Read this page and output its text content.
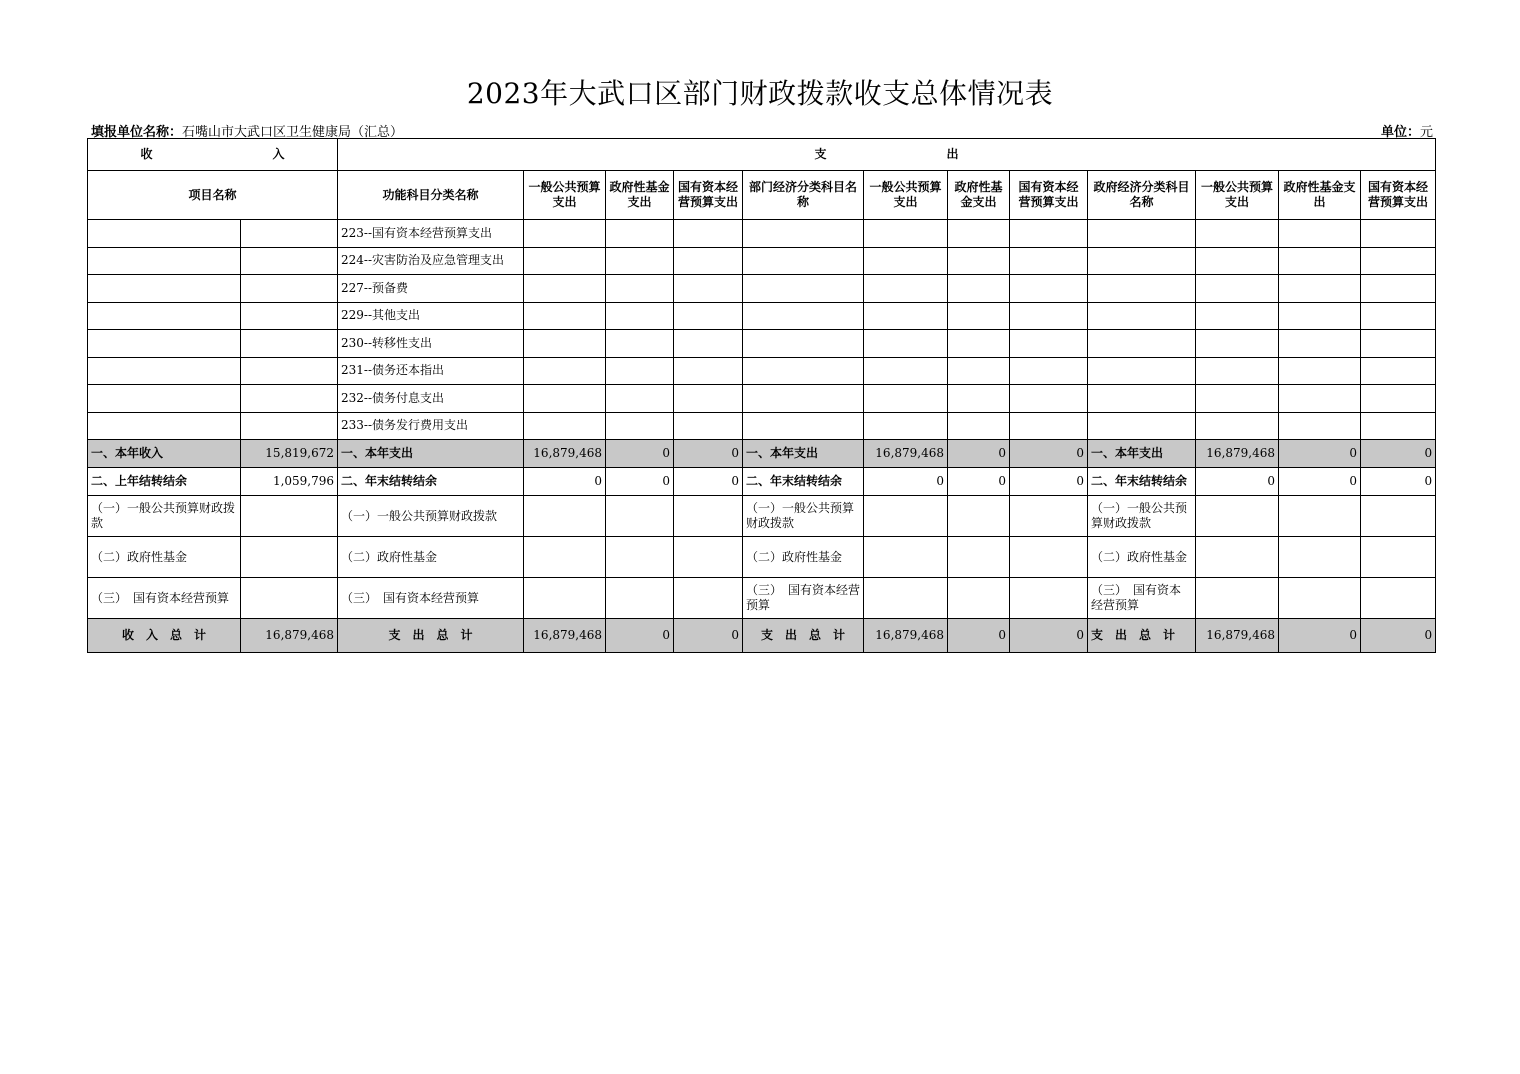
2023年大武口区部门财政拨款收支总体情况表
填报单位名称：石嘴山市大武口区卫生健康局（汇总）	单位：元
收　　　　　　　　　　入		支　　　　　　　　　　出											
项目名称		功能科目分类名称	一般公共预算支出	政府性基金支出	国有资本经营预算支出	部门经济分类科目名称	一般公共预算支出	政府性基金支出	国有资本经营预算支出	政府经济分类科目名称	一般公共预算支出	政府性基金支出	国有资本经营预算支出
		223--国有资本经营预算支出											
		224--灾害防治及应急管理支出											
		227--预备费											
		229--其他支出											
		230--转移性支出											
		231--债务还本指出											
		232--债务付息支出											
		233--债务发行费用支出											
一、本年收入	15,819,672	一、本年支出	16,879,468	0	0	一、本年支出	16,879,468	0	0	一、本年支出	16,879,468	0	0
二、上年结转结余	1,059,796	二、年末结转结余	0	0	0	二、年末结转结余	0	0	0	二、年末结转结余	0	0	0
（一）一般公共预算财政拨款		（一）一般公共预算财政拨款				（一）一般公共预算财政拨款				（一）一般公共预算财政拨款			
（二）政府性基金		（二）政府性基金				（二）政府性基金				（二）政府性基金			
（三）　国有资本经营预算		（三）　国有资本经营预算				（三）　国有资本经营预算				（三）　国有资本经营预算			
收　入　总　计	16,879,468	支　出　总　计	16,879,468	0	0	支　出　总　计	16,879,468	0	0	支　出　总　计	16,879,468	0	0
